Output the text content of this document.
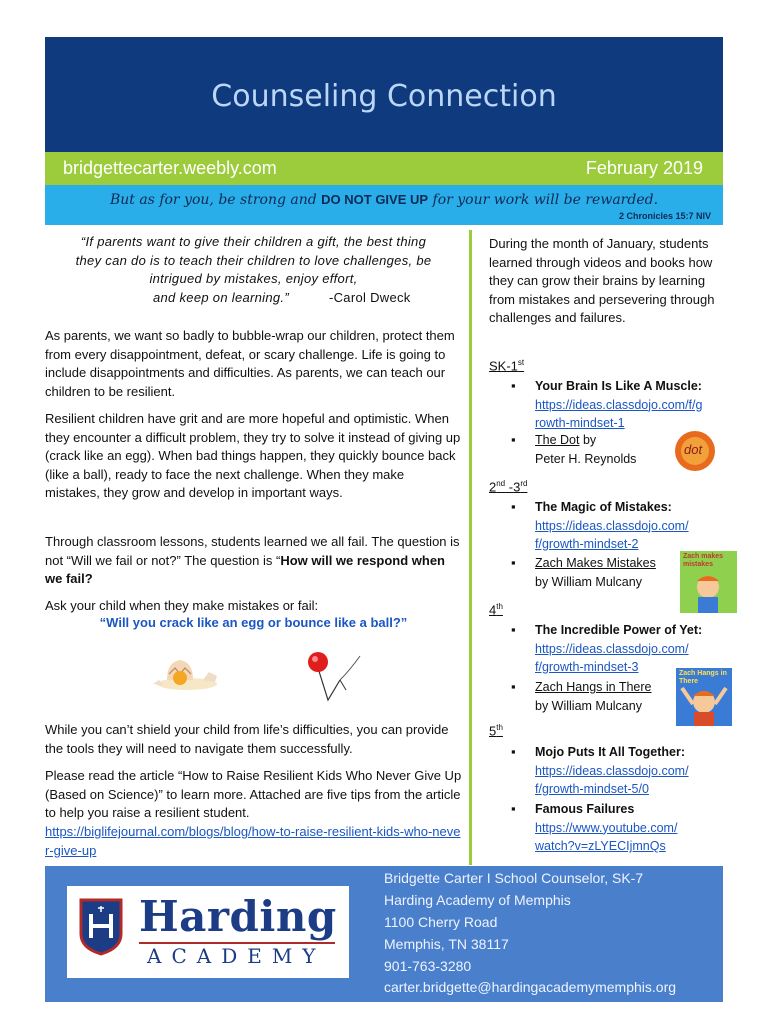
Counseling Connection
bridgettecarter.weebly.com	February 2019
But as for you, be strong and DO NOT GIVE UP for your work will be rewarded.
2 Chronicles 15:7 NIV
“If parents want to give their children a gift, the best thing
they can do is to teach their children to love challenges, be
intrigued by mistakes, enjoy effort,
and keep on learning.”	-Carol Dweck

As parents, we want so badly to bubble-wrap our children, protect them from every disappointment, defeat, or scary challenge. Life is going to include disappointments and difficulties. As parents, we can teach our children to be resilient.

Resilient children have grit and are more hopeful and optimistic. When they encounter a difficult problem, they try to solve it instead of giving up (crack like an egg). When bad things happen, they quickly bounce back (like a ball), ready to face the next challenge. When they make mistakes, they grow and develop in important ways.

Through classroom lessons, students learned we all fail. The question is not “Will we fail or not?” The question is “How will we respond when we fail?

Ask your child when they make mistakes or fail:

“Will you crack like an egg or bounce like a ball?”

While you can’t shield your child from life’s difficulties, you can provide the tools they will need to navigate them successfully.

Please read the article “How to Raise Resilient Kids Who Never Give Up (Based on Science)” to learn more. Attached are five tips from the article to help you raise a resilient student.

https://biglifejournal.com/blogs/blog/how-to-raise-resilient-kids-who-never-give-up

During the month of January, students learned through videos and books how they can grow their brains by learning from mistakes and persevering through challenges and failures.

SK-1st
▪ Your Brain Is Like A Muscle:
https://ideas.classdojo.com/f/g
rowth-mindset-1
▪ The Dot by
Peter H. Reynolds
dot
2nd -3rd
▪ The Magic of Mistakes:
https://ideas.classdojo.com/
f/growth-mindset-2
▪ Zach Makes Mistakes
by William Mulcany
Zach makes mistakes
4th
▪ The Incredible Power of Yet:
https://ideas.classdojo.com/
f/growth-mindset-3
▪ Zach Hangs in There
by William Mulcany
Zach Hangs in There
5th
▪ Mojo Puts It All Together:
https://ideas.classdojo.com/
f/growth-mindset-5/0
▪ Famous Failures
https://www.youtube.com/
watch?v=zLYECIjmnQs
Harding
ACADEMY
Bridgette Carter I School Counselor, SK-7
Harding Academy of Memphis
1100 Cherry Road
Memphis, TN 38117
901-763-3280
carter.bridgette@hardingacademymemphis.org
